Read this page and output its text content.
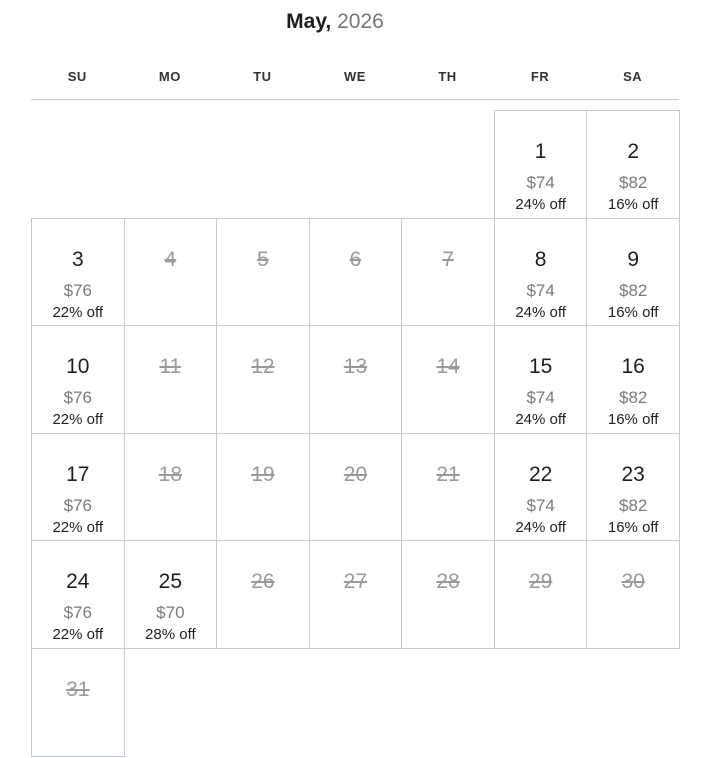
May, 2026
SU	MO	TU	WE	TH	FR	SA
1
$74
24% off
2
$82
16% off
3
$76
22% off
4	5	6	7	8
$74
24% off
9
$82
16% off
10
$76
22% off
11	12	13	14	15
$74
24% off
16
$82
16% off
17
$76
22% off
18	19	20	21	22
$74
24% off
23
$82
16% off
24
$76
22% off
25
$70
28% off
26	27	28	29	30
31
